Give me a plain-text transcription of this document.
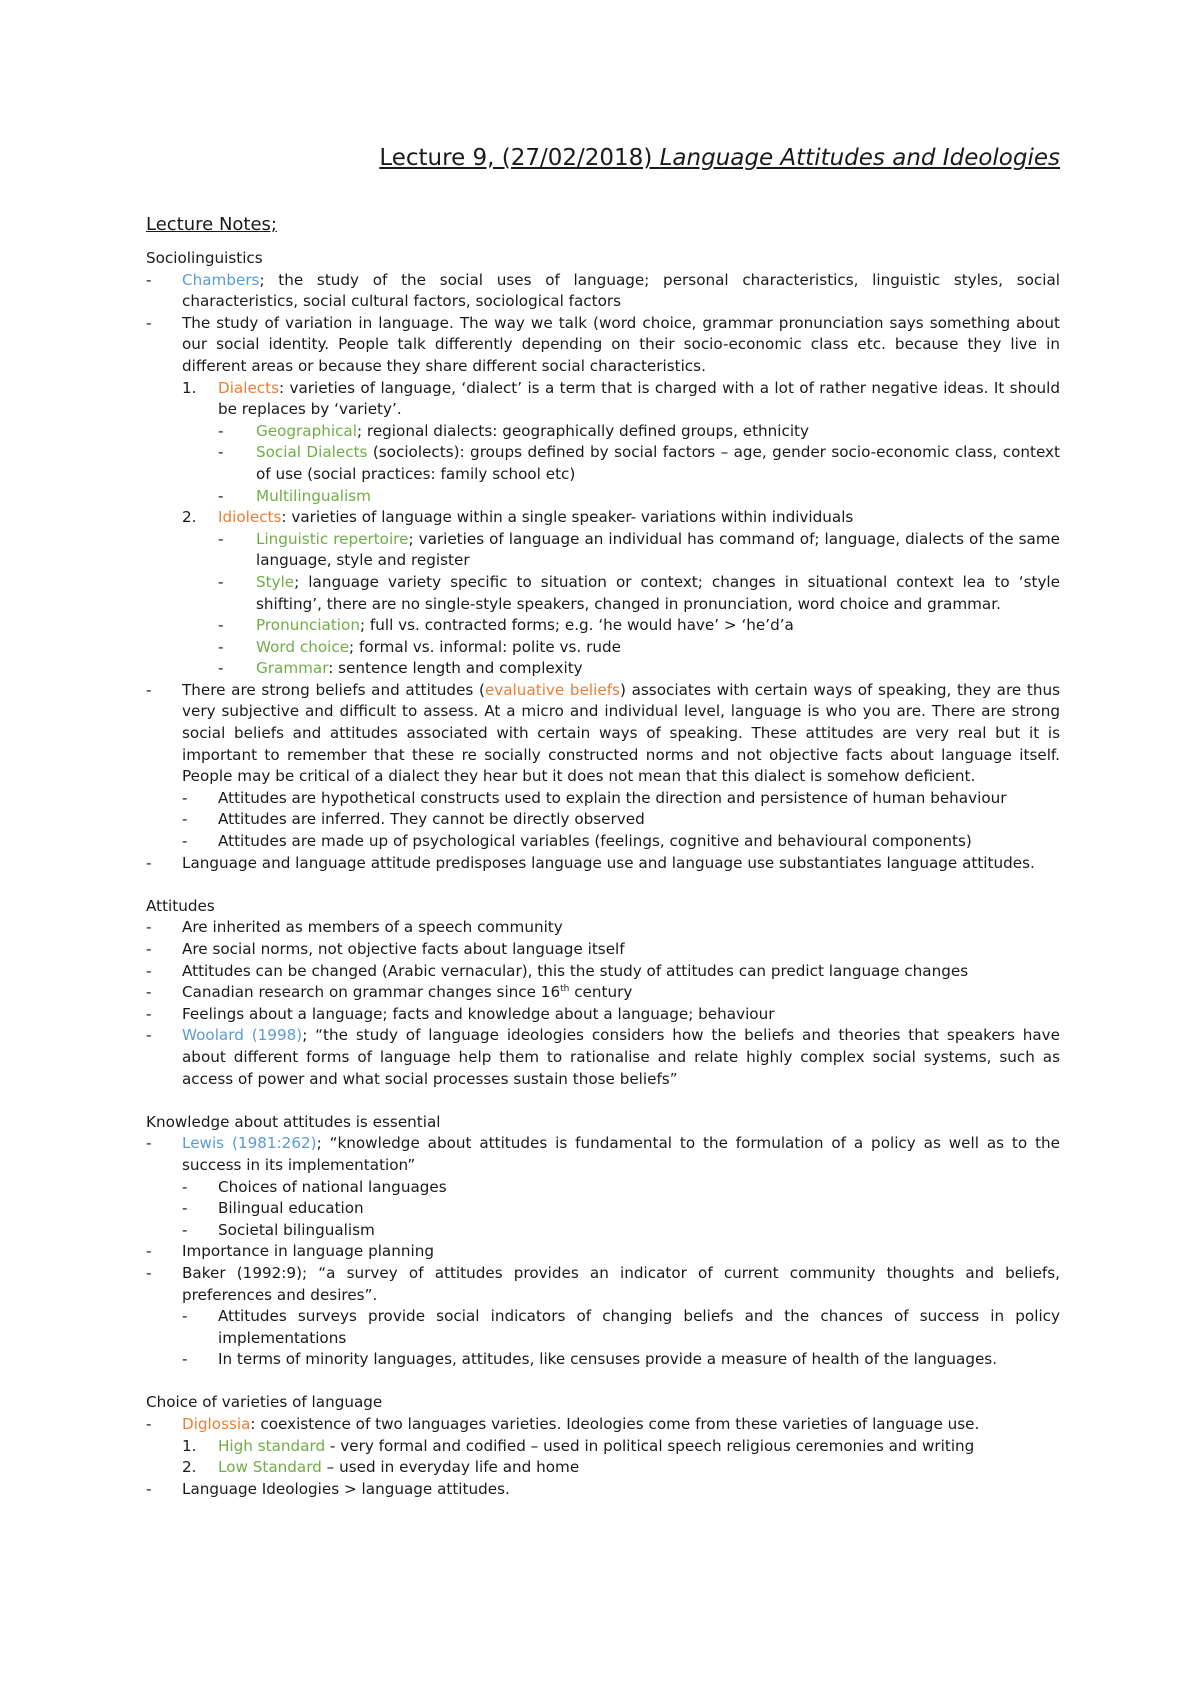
Lecture 9, (27/02/2018) Language Attitudes and Ideologies
Lecture Notes;
Sociolinguistics
- Chambers; the study of the social uses of language; personal characteristics, linguistic styles, social characteristics, social cultural factors, sociological factors
- The study of variation in language. The way we talk (word choice, grammar pronunciation says something about our social identity. People talk differently depending on their socio-economic class etc. because they live in different areas or because they share different social characteristics.
1. Dialects: varieties of language, ‘dialect’ is a term that is charged with a lot of rather negative ideas. It should be replaces by ‘variety’.
- Geographical; regional dialects: geographically defined groups, ethnicity
- Social Dialects (sociolects): groups defined by social factors – age, gender socio-economic class, context of use (social practices: family school etc)
- Multilingualism
2. Idiolects: varieties of language within a single speaker- variations within individuals
- Linguistic repertoire; varieties of language an individual has command of; language, dialects of the same language, style and register
- Style; language variety specific to situation or context; changes in situational context lea to ‘style shifting’, there are no single-style speakers, changed in pronunciation, word choice and grammar.
- Pronunciation; full vs. contracted forms; e.g. ‘he would have’ > ‘he’d’a
- Word choice; formal vs. informal: polite vs. rude
- Grammar: sentence length and complexity
- There are strong beliefs and attitudes (evaluative beliefs) associates with certain ways of speaking, they are thus very subjective and difficult to assess. At a micro and individual level, language is who you are. There are strong social beliefs and attitudes associated with certain ways of speaking. These attitudes are very real but it is important to remember that these re socially constructed norms and not objective facts about language itself. People may be critical of a dialect they hear but it does not mean that this dialect is somehow deficient.
- Attitudes are hypothetical constructs used to explain the direction and persistence of human behaviour
- Attitudes are inferred. They cannot be directly observed
- Attitudes are made up of psychological variables (feelings, cognitive and behavioural components)
- Language and language attitude predisposes language use and language use substantiates language attitudes.
Attitudes
- Are inherited as members of a speech community
- Are social norms, not objective facts about language itself
- Attitudes can be changed (Arabic vernacular), this the study of attitudes can predict language changes
- Canadian research on grammar changes since 16th century
- Feelings about a language; facts and knowledge about a language; behaviour
- Woolard (1998); “the study of language ideologies considers how the beliefs and theories that speakers have about different forms of language help them to rationalise and relate highly complex social systems, such as access of power and what social processes sustain those beliefs”
Knowledge about attitudes is essential
- Lewis (1981:262); “knowledge about attitudes is fundamental to the formulation of a policy as well as to the success in its implementation”
- Choices of national languages
- Bilingual education
- Societal bilingualism
- Importance in language planning
- Baker (1992:9); “a survey of attitudes provides an indicator of current community thoughts and beliefs, preferences and desires”.
- Attitudes surveys provide social indicators of changing beliefs and the chances of success in policy implementations
- In terms of minority languages, attitudes, like censuses provide a measure of health of the languages.
Choice of varieties of language
- Diglossia: coexistence of two languages varieties. Ideologies come from these varieties of language use.
1. High standard - very formal and codified – used in political speech religious ceremonies and writing
2. Low Standard – used in everyday life and home
- Language Ideologies > language attitudes.
